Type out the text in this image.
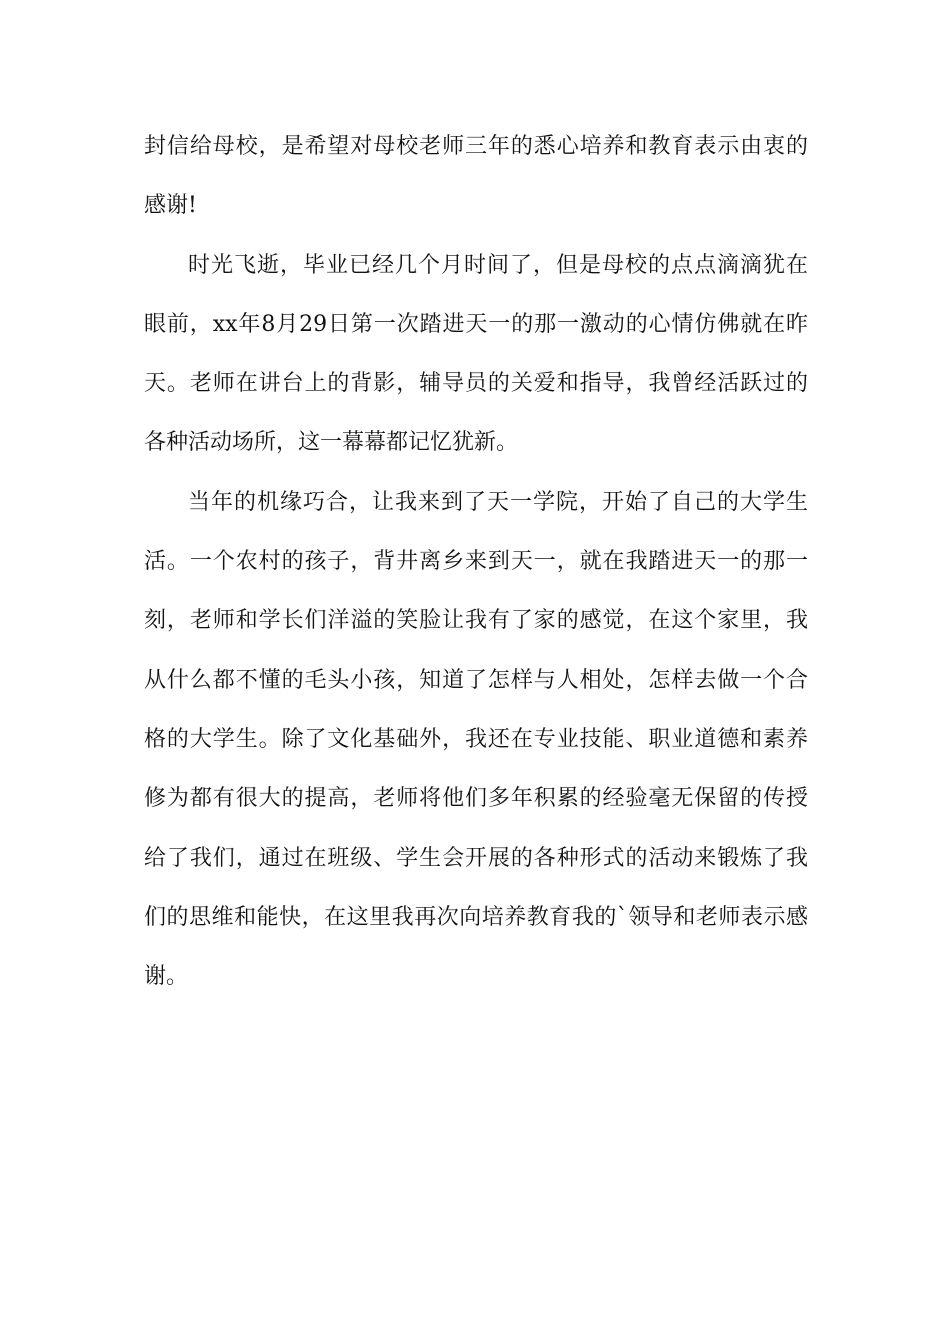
封信给母校，是希望对母校老师三年的悉心培养和教育表示由衷的
感谢!
时光飞逝，毕业已经几个月时间了，但是母校的点点滴滴犹在
眼前，xx年8月29日第一次踏进天一的那一激动的心情仿佛就在昨
天。老师在讲台上的背影，辅导员的关爱和指导，我曾经活跃过的
各种活动场所，这一幕幕都记忆犹新。
当年的机缘巧合，让我来到了天一学院，开始了自己的大学生
活。一个农村的孩子，背井离乡来到天一，就在我踏进天一的那一
刻，老师和学长们洋溢的笑脸让我有了家的感觉，在这个家里，我
从什么都不懂的毛头小孩，知道了怎样与人相处，怎样去做一个合
格的大学生。除了文化基础外，我还在专业技能、职业道德和素养
修为都有很大的提高，老师将他们多年积累的经验毫无保留的传授
给了我们，通过在班级、学生会开展的各种形式的活动来锻炼了我
们的思维和能快，在这里我再次向培养教育我的`领导和老师表示感
谢。
